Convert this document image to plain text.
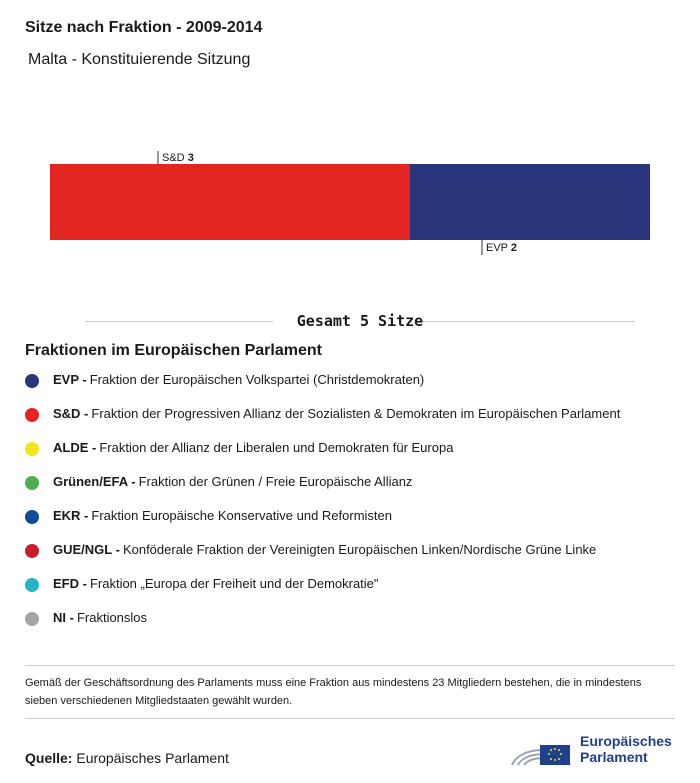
Sitze nach Fraktion - 2009-2014
Malta - Konstituierende Sitzung
S&D 3
EVP 2
Gesamt 5 Sitze
Fraktionen im Europäischen Parlament
EVP - Fraktion der Europäischen Volkspartei (Christdemokraten)
S&D - Fraktion der Progressiven Allianz der Sozialisten & Demokraten im Europäischen Parlament
ALDE - Fraktion der Allianz der Liberalen und Demokraten für Europa
Grünen/EFA - Fraktion der Grünen / Freie Europäische Allianz
EKR - Fraktion Europäische Konservative und Reformisten
GUE/NGL - Konföderale Fraktion der Vereinigten Europäischen Linken/Nordische Grüne Linke
EFD - Fraktion „Europa der Freiheit und der Demokratie"
NI - Fraktionslos
Gemäß der Geschäftsordnung des Parlaments muss eine Fraktion aus mindestens 23 Mitgliedern bestehen, die in mindestens sieben verschiedenen Mitgliedstaaten gewählt wurden.
Quelle: Europäisches Parlament
Europäisches
Parlament
